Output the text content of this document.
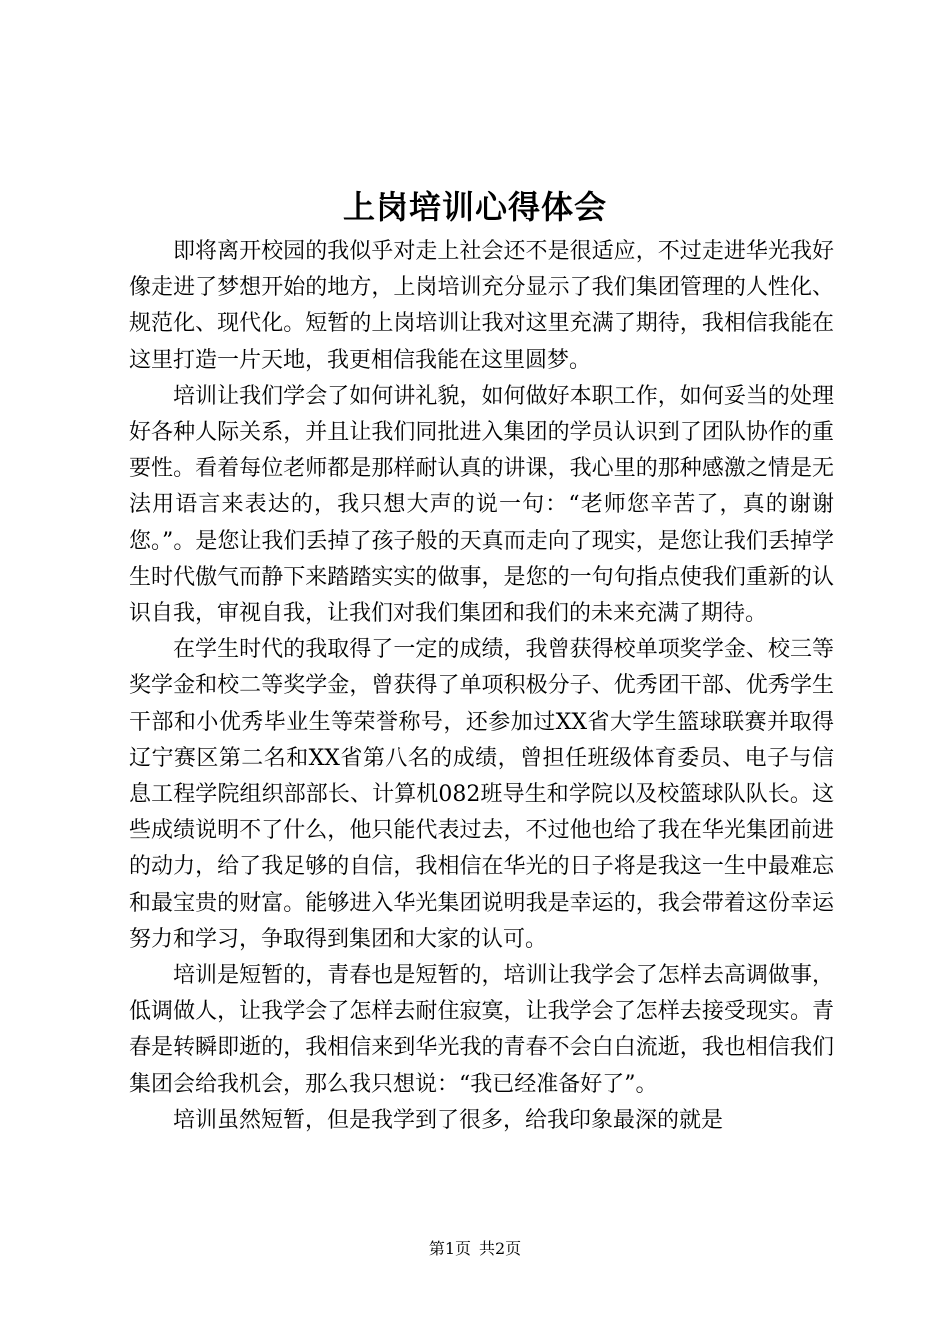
上岗培训心得体会

即将离开校园的我似乎对走上社会还不是很适应，不过走进华光我好像走进了梦想开始的地方，上岗培训充分显示了我们集团管理的人性化、规范化、现代化。短暂的上岗培训让我对这里充满了期待，我相信我能在这里打造一片天地，我更相信我能在这里圆梦。

培训让我们学会了如何讲礼貌，如何做好本职工作，如何妥当的处理好各种人际关系，并且让我们同批进入集团的学员认识到了团队协作的重要性。看着每位老师都是那样耐认真的讲课，我心里的那种感激之情是无法用语言来表达的，我只想大声的说一句：“老师您辛苦了，真的谢谢您。”。是您让我们丢掉了孩子般的天真而走向了现实，是您让我们丢掉学生时代傲气而静下来踏踏实实的做事，是您的一句句指点使我们重新的认识自我，审视自我，让我们对我们集团和我们的未来充满了期待。

在学生时代的我取得了一定的成绩，我曾获得校单项奖学金、校三等奖学金和校二等奖学金，曾获得了单项积极分子、优秀团干部、优秀学生干部和小优秀毕业生等荣誉称号，还参加过XX省大学生篮球联赛并取得辽宁赛区第二名和XX省第八名的成绩，曾担任班级体育委员、电子与信息工程学院组织部部长、计算机082班导生和学院以及校篮球队队长。这些成绩说明不了什么，他只能代表过去，不过他也给了我在华光集团前进的动力，给了我足够的自信，我相信在华光的日子将是我这一生中最难忘和最宝贵的财富。能够进入华光集团说明我是幸运的，我会带着这份幸运努力和学习，争取得到集团和大家的认可。

培训是短暂的，青春也是短暂的，培训让我学会了怎样去高调做事，低调做人，让我学会了怎样去耐住寂寞，让我学会了怎样去接受现实。青春是转瞬即逝的，我相信来到华光我的青春不会白白流逝，我也相信我们集团会给我机会，那么我只想说：“我已经准备好了”。

培训虽然短暂，但是我学到了很多，给我印象最深的就是

第1页 共2页
